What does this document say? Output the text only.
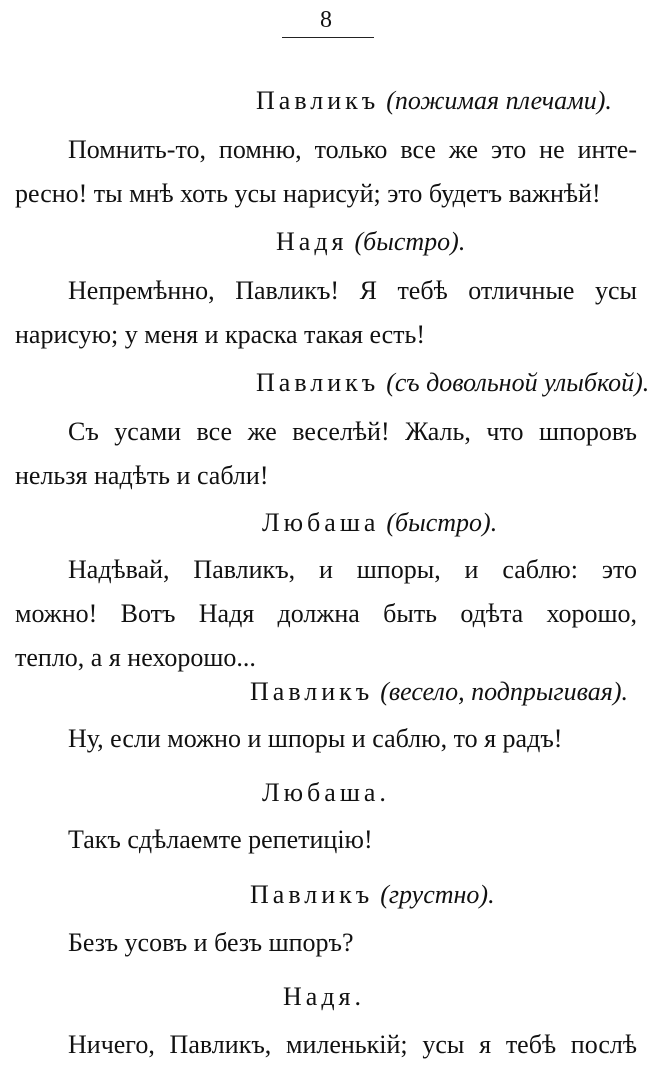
8
Павликъ (пожимая плечами).
Помнить-то, помню, только все же это не инте-
ресно! ты мнѣ хоть усы нарисуй; это будетъ важнѣй!
Надя (быстро).
Непремѣнно, Павликъ! Я тебѣ отличные усы
нарисую; у меня и краска такая есть!
Павликъ (съ довольной улыбкой).
Съ усами все же веселѣй! Жаль, что шпоровъ
нельзя надѣть и сабли!
Любаша (быстро).
Надѣвай, Павликъ, и шпоры, и саблю: это
можно! Вотъ Надя должна быть одѣта хорошо,
тепло, а я нехорошо...
Павликъ (весело, подпрыгивая).
Ну, если можно и шпоры и саблю, то я радъ!
Любаша.
Такъ сдѣлаемте репетицію!
Павликъ (грустно).
Безъ усовъ и безъ шпоръ?
Надя.
Ничего, Павликъ, миленькій; усы я тебѣ послѣ
